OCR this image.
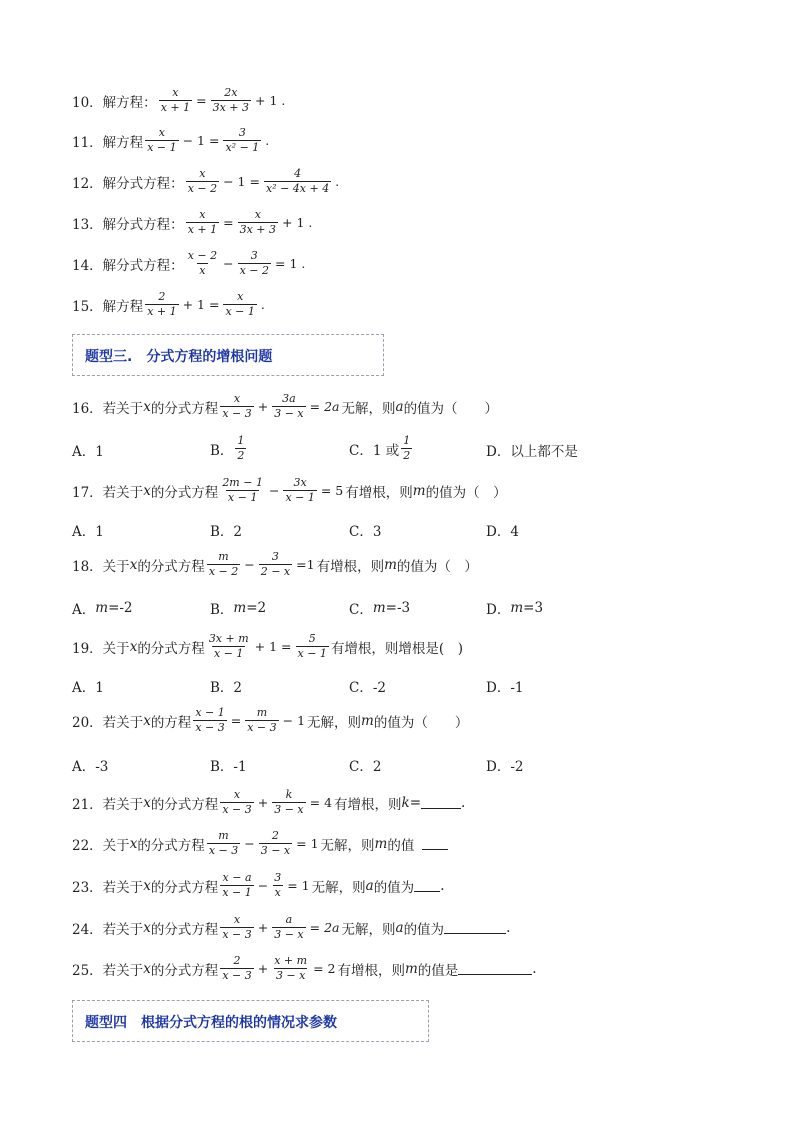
10．解方程： $\frac{x}{x + 1} = \frac{2x}{3x + 3} + 1$ .
11．解方程 $\frac{x}{x - 1} - 1 = \frac{3}{\text{x² − 1}}$ .
12．解分式方程： $\frac{x}{x - 2} - 1 = \frac{4}{\text{x² − 4x + 4}}$ .
13．解分式方程： $\frac{x}{x + 1} = \frac{x}{3x + 3} + 1$ .
14．解分式方程： $\frac{x - 2}{x} - \frac{3}{x - 2} = 1$ .
15．解方程 $\frac{2}{x + 1} + 1 = \frac{x}{x - 1}$ .
题型三.　分式方程的增根问题
16．若关于 x 的分式方程 $\frac{x}{x - 3} + \frac{3a}{3 - x} = 2a$ 无解，则 a 的值为（　　）
A．1	B． $\frac{1}{2}$	C．1 或 $\frac{1}{2}$	D．以上都不是
17．若关于 x 的分式方程 $\frac{2m - 1}{x - 1} - \frac{3x}{x - 1} = 5$ 有增根，则 m 的值为（　）
A．1	B．2	C．3	D．4
18．关于 x 的分式方程 $\frac{m}{x - 2} - \frac{3}{2 - x} =1$ 有增根，则 m 的值为（　）
A． m =-2	B． m =2	C． m =-3	D． m =3
19．关于 x 的分式方程 $\frac{3x + m}{x - 1} + 1 = \frac{5}{x - 1}$ 有增根，则增根是(　)
A．1	B．2	C．-2	D．-1
20．若关于 x 的方程 $\frac{x - 1}{x - 3} = \frac{m}{x - 3} - 1$ 无解，则 m 的值为（　　）
A．-3	B．-1	C．2	D．-2
21．若关于 x 的分式方程 $\frac{x}{x - 3} + \frac{k}{3 - x} = 4$ 有增根，则 k =	.
22．关于 x 的分式方程 $\frac{m}{x - 3} - \frac{2}{3 - x} = 1$ 无解，则 m 的值
23．若关于 x 的分式方程 $\frac{x - a}{x - 1} - \frac{3}{x} = 1$ 无解，则 a 的值为 .
24．若关于 x 的分式方程 $\frac{x}{x - 3} + \frac{a}{3 - x} = 2a$ 无解，则 a 的值为	.
25．若关于 x 的分式方程 $\frac{2}{x - 3} + \frac{x + m}{3 - x} = 2$ 有增根，则 m 的值是	.
题型四　根据分式方程的根的情况求参数
